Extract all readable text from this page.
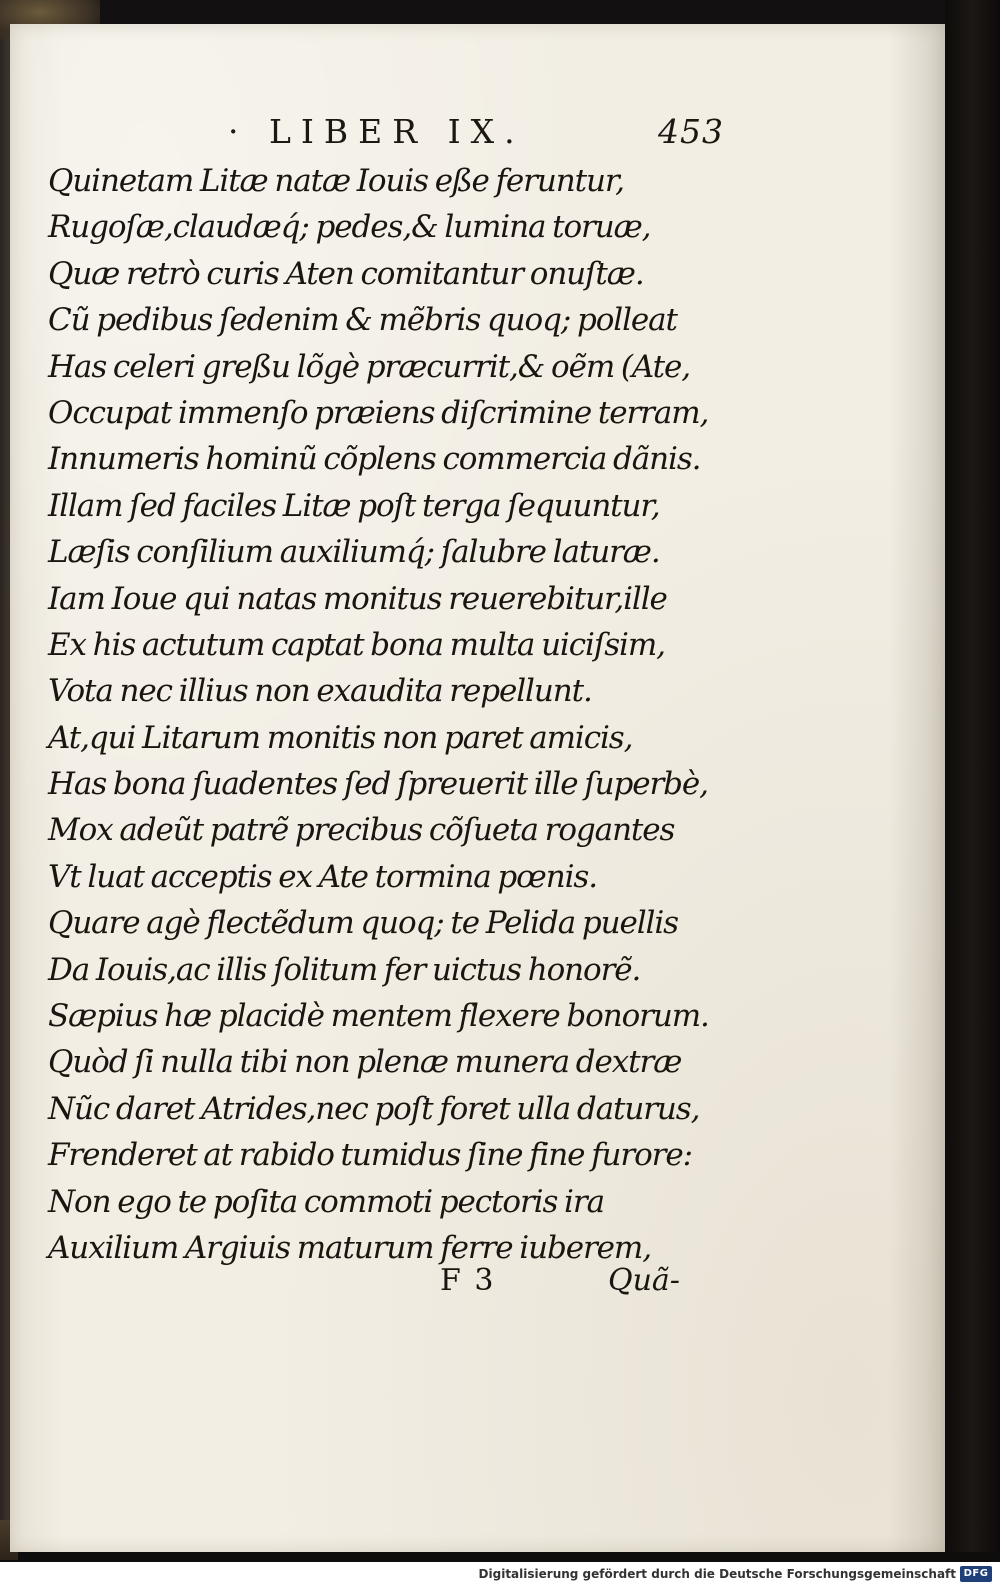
· LIBER IX.	453
Quinetam Litæ natæ Iouis eße feruntur,
Rugoſæ,claudæq́; pedes,& lumina toruæ,
Quæ retrò curis Aten comitantur onuſtæ.
Cũ pedibus ſedenim & mẽbris quoq; polleat
Has celeri greßu lõgè præcurrit,& oẽm (Ate,
Occupat immenſo præiens diſcrimine terram,
Innumeris hominũ cõplens commercia dãnis.
Illam ſed faciles Litæ poſt terga ſequuntur,
Læſis conſilium auxiliumq́; ſalubre laturæ.
Iam Ioue qui natas monitus reuerebitur,ille
Ex his actutum captat bona multa uiciſsim,
Vota nec illius non exaudita repellunt.
At,qui Litarum monitis non paret amicis,
Has bona ſuadentes ſed ſpreuerit ille ſuperbè,
Mox adeũt patrẽ precibus cõſueta rogantes
Vt luat acceptis ex Ate tormina pœnis.
Quare agè flectẽdum quoq; te Pelida puellis
Da Iouis,ac illis ſolitum fer uictus honorẽ.
Sæpius hæ placidè mentem flexere bonorum.
Quòd ſi nulla tibi non plenæ munera dextræ
Nũc daret Atrides,nec poſt foret ulla daturus,
Frenderet at rabido tumidus ſine fine furore:
Non ego te poſita commoti pectoris ira
Auxilium Argiuis maturum ferre iuberem,
F 3	Quã-
Digitalisierung gefördert durch die Deutsche Forschungsgemeinschaft DFG
